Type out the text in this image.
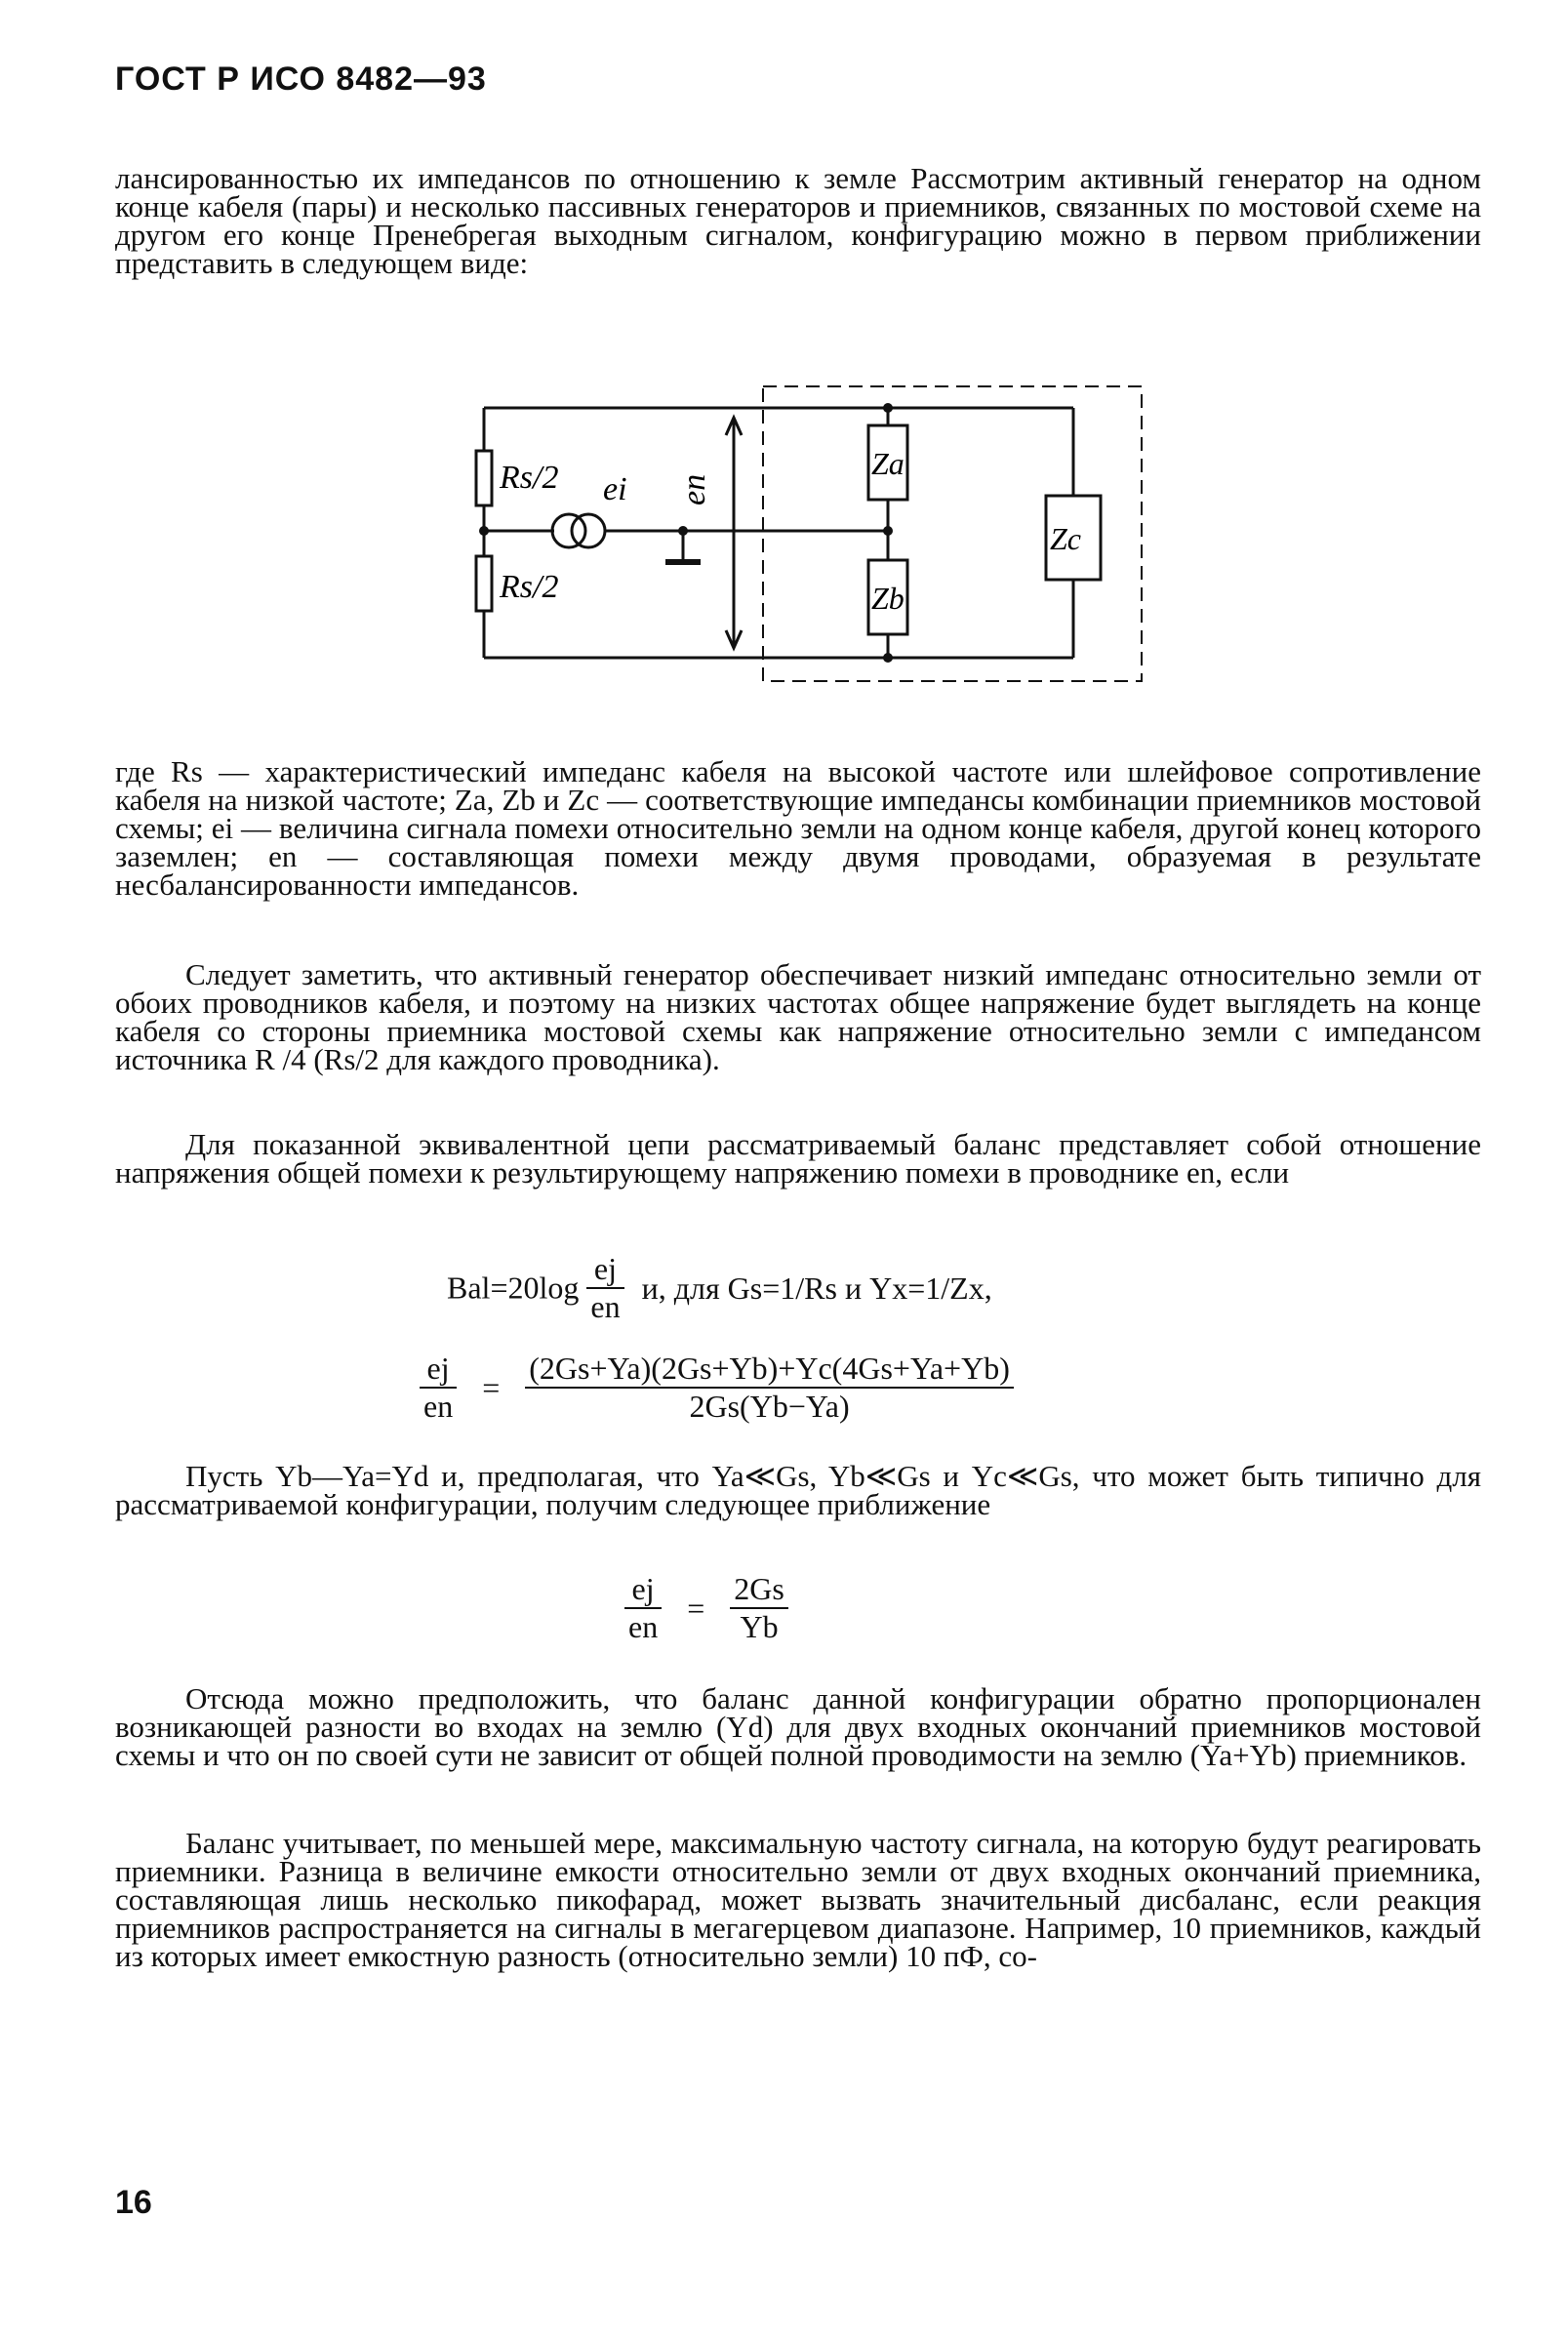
ГОСТ Р ИСО 8482—93

лансированностью их импедансов по отношению к земле Рассмотрим активный генератор на одном конце кабеля (пары) и несколько пассивных генераторов и приемников, связанных по мостовой схеме на другом его конце Пренебрегая выходным сигналом, конфигурацию можно в первом приближении представить в следующем виде:

Rs/2
Rs/2
ei en
Za
Zb
Zc

где Rs — характеристический импеданс кабеля на высокой частоте или шлейфовое сопротивление кабеля на низкой частоте; Za, Zb и Zc — соответствующие импедансы комбинации приемников мостовой схемы; ei — величина сигнала помехи относительно земли на одном конце кабеля, другой конец которого заземлен; en — составляющая помехи между двумя проводами, образуемая в результате несбалансированности импедансов.

Следует заметить, что активный генератор обеспечивает низкий импеданс относительно земли от обоих проводников кабеля, и поэтому на низких частотах общее напряжение будет выглядеть на конце кабеля со стороны приемника мостовой схемы как напряжение относительно земли с импедансом источника R /4 (Rs/2 для каждого проводника).

Для показанной эквивалентной цепи рассматриваемый баланс представляет собой отношение напряжения общей помехи к результирующему напряжению помехи в проводнике en, если

$Bal=20\log \frac{ej}{en} и$, для Gs=1/Rs и Yx=1/Zx,
$\frac{ej}{en} = \frac{(2Gs+Ya)(2Gs+Yb)+Yc(4Gs+Ya+Yb)}{2Gs(Yb-Ya)}$

Пусть Yb—Ya=Yd и, предполагая, что Ya≪Gs, Yb≪Gs и Yc≪Gs, что может быть типично для рассматриваемой конфигурации, получим следующее приближение

$\frac{ej}{en} = \frac{2Gs}{Yb}$

Отсюда можно предположить, что баланс данной конфигурации обратно пропорционален возникающей разности во входах на землю (Yd) для двух входных окончаний приемников мостовой схемы и что он по своей сути не зависит от общей полной проводимости на землю (Ya+Yb) приемников.

Баланс учитывает, по меньшей мере, максимальную частоту сигнала, на которую будут реагировать приемники. Разница в величине емкости относительно земли от двух входных окончаний приемника, составляющая лишь несколько пикофарад, может вызвать значительный дисбаланс, если реакция приемников распространяется на сигналы в мегагерцевом диапазоне. Например, 10 приемников, каждый из которых имеет емкостную разность (относительно земли) 10 пФ, со-

16
